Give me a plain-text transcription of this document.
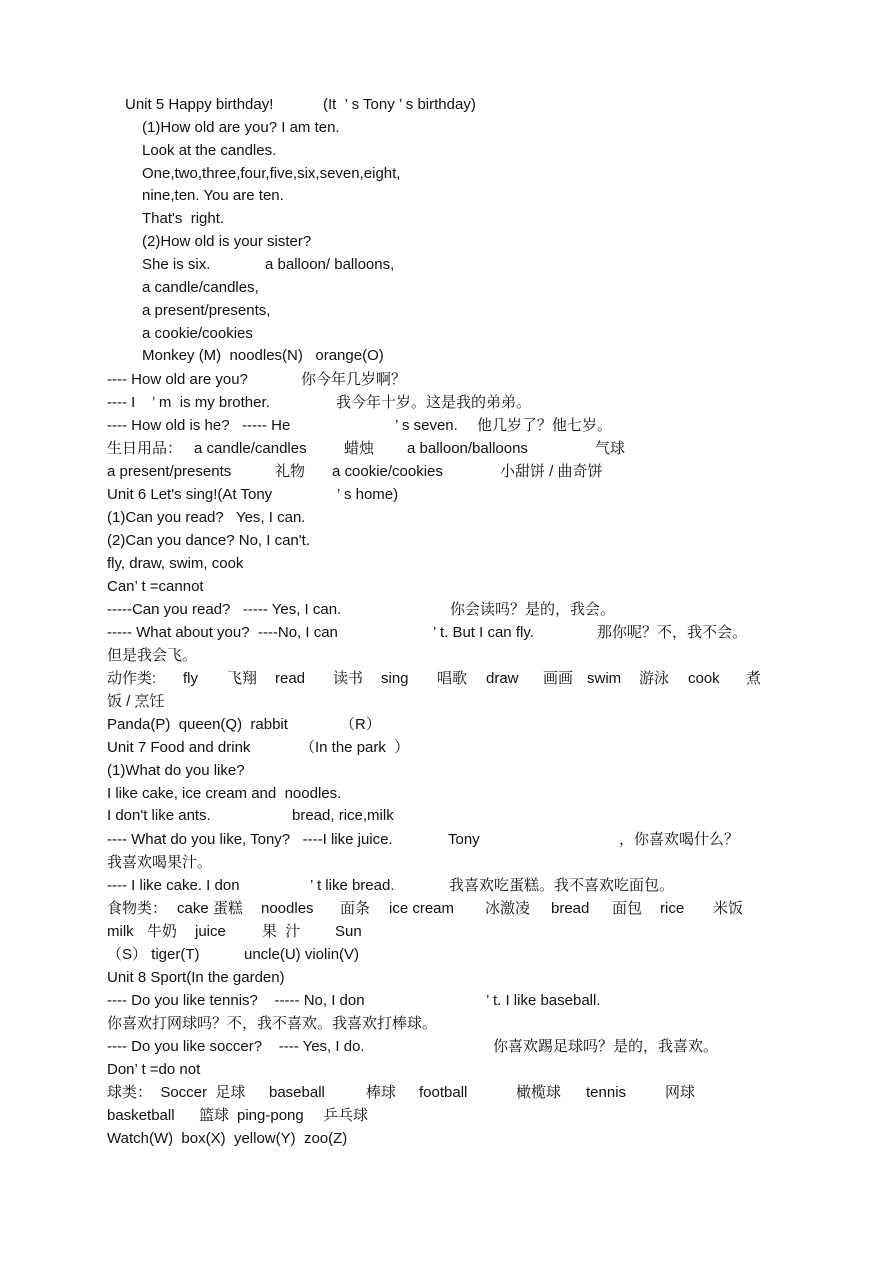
Unit 5 Happy birthday!

	(It  ’ s Tony ’ s birthday)

(1)How old are you? I am ten.
Look at the candles.
One,two,three,four,five,six,seven,eight,
nine,ten. You are ten.
That's  right.
(2)How old is your sister?

She is six.

	a balloon/ balloons,

a candle/candles,
a present/presents,
a cookie/cookies
Monkey (M)  noodles(N)   orange(O)

---- How old are you?

	你今年几岁啊？

---- I    ’ m  is my brother.

	我今年十岁。这是我的弟弟。

---- How old is he?   ----- He

	’ s seven.

他几岁了？他七岁。

生日用品：

a candle/candles

蜡烛

a balloon/balloons

	气球

a present/presents

	礼物

a cookie/cookies

	小甜饼 / 曲奇饼

Unit 6 Let's sing!(At Tony

	’ s home)

(1)Can you read?   Yes, I can.
(2)Can you dance? No, I can't.
fly, draw, swim, cook
Can’ t =cannot

-----Can you read?   ----- Yes, I can.

	你会读吗？是的，我会。

----- What about you?  ----No, I can

	’ t. But I can fly.

	那你呢？不，我不会。

但是我会飞。

动作类:

fly

飞翔

read

读书

sing

唱歌

draw

画画

swim

游泳

cook

煮

饭 / 烹饪

Panda(P)  queen(Q)  rabbit

	（R）

Unit 7 Food and drink

	（In the park  ）

(1)What do you like?
I like cake, ice cream and  noodles.

I don't like ants.

	bread, rice,milk

---- What do you like, Tony?   ----I like juice.

	Tony

	，你喜欢喝什么？

我喜欢喝果汁。

---- I like cake. I don

	’ t like bread.

	我喜欢吃蛋糕。我不喜欢吃面包。

食物类：

cake 蛋糕

noodles

面条

ice cream

冰激凌

bread

面包

rice

米饭

milk

牛奶

juice

果  汁

Sun

（S） tiger(T)

	uncle(U) violin(V)

Unit 8 Sport(In the garden)

---- Do you like tennis?    ----- No, I don

	’ t. I like baseball.

你喜欢打网球吗？不，我不喜欢。我喜欢打棒球。

---- Do you like soccer?    ---- Yes, I do.

	你喜欢踢足球吗？是的，我喜欢。

Don’ t =do not

球类：  Soccer  足球

baseball

	棒球

football

	橄榄球

tennis

	网球

basketball

篮球

ping-pong

乒乓球

Watch(W)  box(X)  yellow(Y)  zoo(Z)
